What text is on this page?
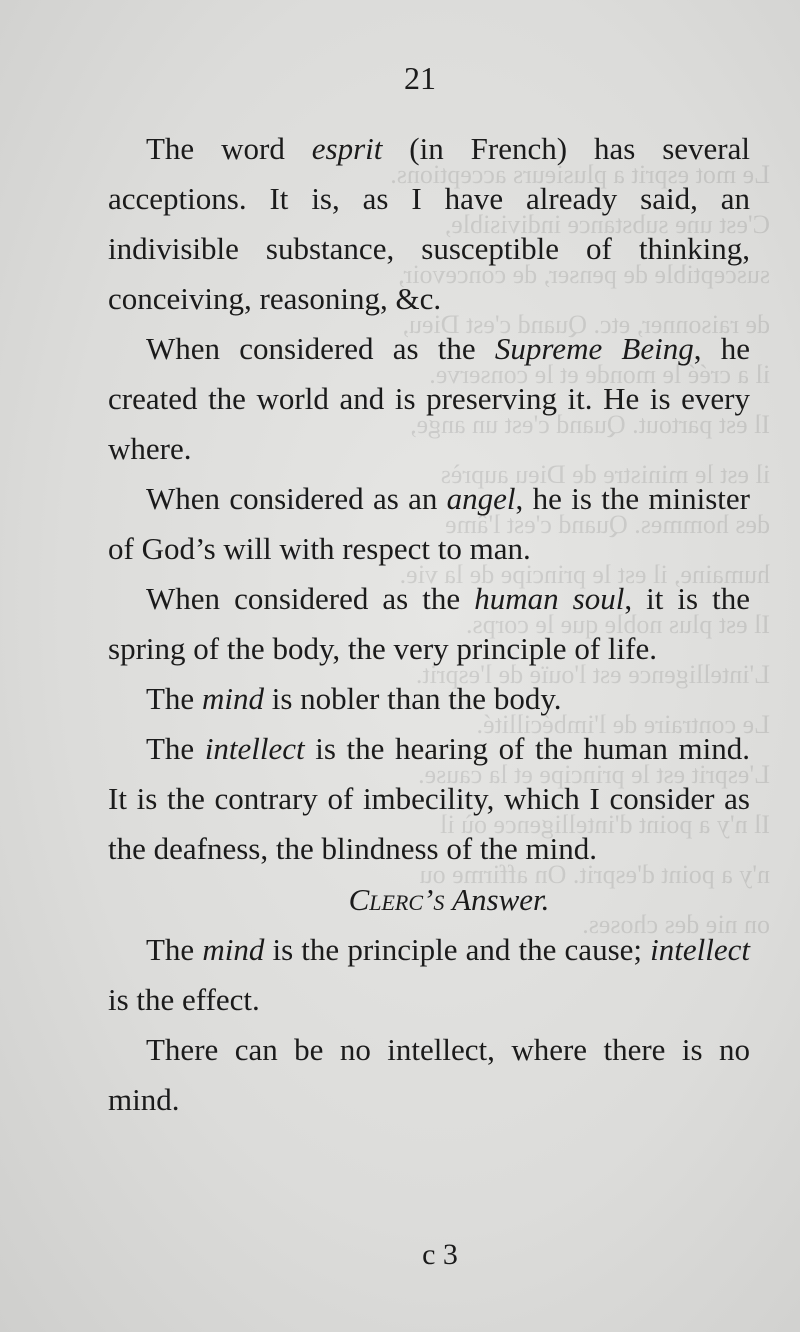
Le mot esprit a plusieurs acceptions.
C'est une substance indivisible,
susceptible de penser, de concevoir,
de raisonner, etc. Quand c'est Dieu,
il a créé le monde et le conserve.
Il est partout. Quand c'est un ange,
il est le ministre de Dieu auprès
des hommes. Quand c'est l'âme
humaine, il est le principe de la vie.
Il est plus noble que le corps.
L'intelligence est l'ouïe de l'esprit.
Le contraire de l'imbécillité.
L'esprit est le principe et la cause.
Il n'y a point d'intelligence où il
n'y a point d'esprit. On affirme ou
on nie des choses.
21

The word esprit (in French) has several acceptions. It is, as I have already said, an indivisible substance, susceptible of thinking, conceiving, reasoning, &c.

When considered as the Supreme Being, he created the world and is preserving it. He is every where.

When considered as an angel, he is the minister of God’s will with respect to man.

When considered as the human soul, it is the spring of the body, the very principle of life.

The mind is nobler than the body.

The intellect is the hearing of the human mind. It is the contrary of imbecility, which I consider as the deafness, the blindness of the mind.

Clerc’s Answer.

The mind is the principle and the cause; intellect is the effect.

There can be no intellect, where there is no mind.

c 3
